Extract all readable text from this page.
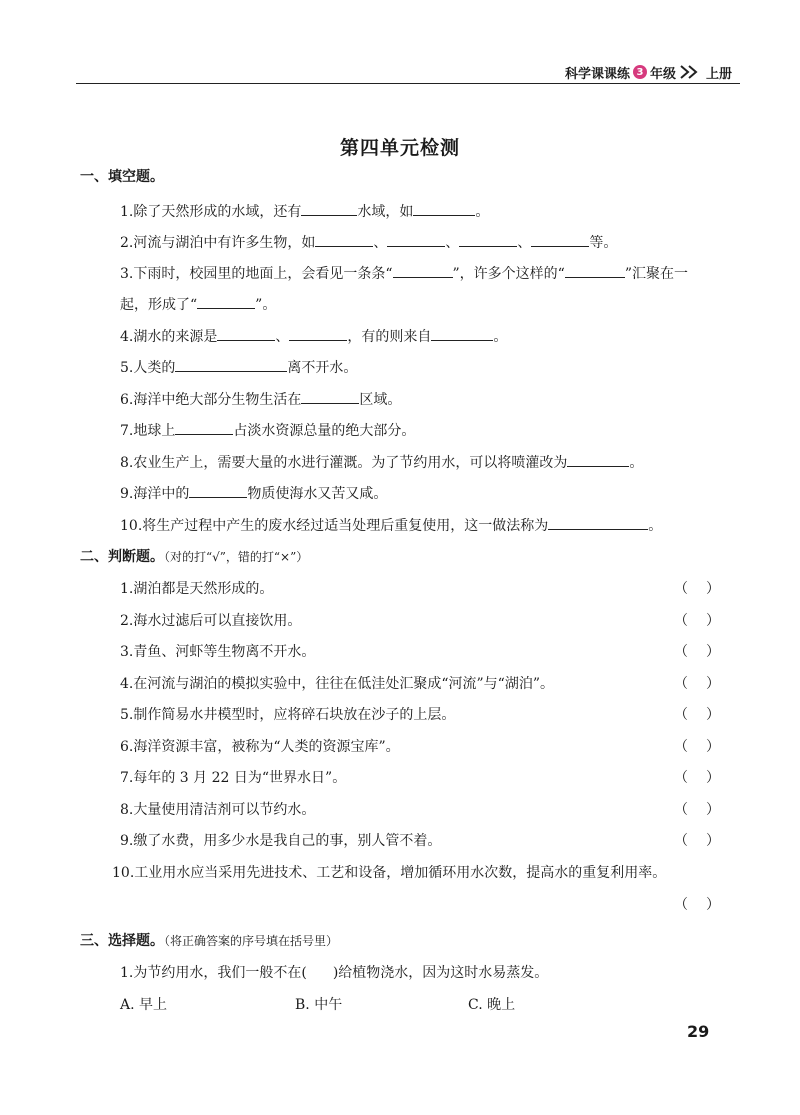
科学课课练 3 年级 上册
第四单元检测
一、填空题。
1.除了天然形成的水域，还有	水域，如	。
2.河流与湖泊中有许多生物，如	、	、	、	等。
3.下雨时，校园里的地面上，会看见一条条“	”，许多个这样的“	”汇聚在一
起，形成了“	”。
4.湖水的来源是	、	，有的则来自	。
5.人类的	离不开水。
6.海洋中绝大部分生物生活在	区域。
7.地球上	占淡水资源总量的绝大部分。
8.农业生产上，需要大量的水进行灌溉。为了节约用水，可以将喷灌改为	。
9.海洋中的	物质使海水又苦又咸。
10.将生产过程中产生的废水经过适当处理后重复使用，这一做法称为	。
二、判断题。（对的打“√”，错的打“×”）
1.湖泊都是天然形成的。	（ ）
2.海水过滤后可以直接饮用。	（ ）
3.青鱼、河虾等生物离不开水。	（ ）
4.在河流与湖泊的模拟实验中，往往在低洼处汇聚成“河流”与“湖泊”。	（ ）
5.制作简易水井模型时，应将碎石块放在沙子的上层。	（ ）
6.海洋资源丰富，被称为“人类的资源宝库”。	（ ）
7.每年的 3 月 22 日为“世界水日”。	（ ）
8.大量使用清洁剂可以节约水。	（ ）
9.缴了水费，用多少水是我自己的事，别人管不着。	（ ）
10.工业用水应当采用先进技术、工艺和设备，增加循环用水次数，提高水的重复利用率。
（ ）
三、选择题。（将正确答案的序号填在括号里）
1.为节约用水，我们一般不在( )给植物浇水，因为这时水易蒸发。
A. 早上	B. 中午	C. 晚上
29
